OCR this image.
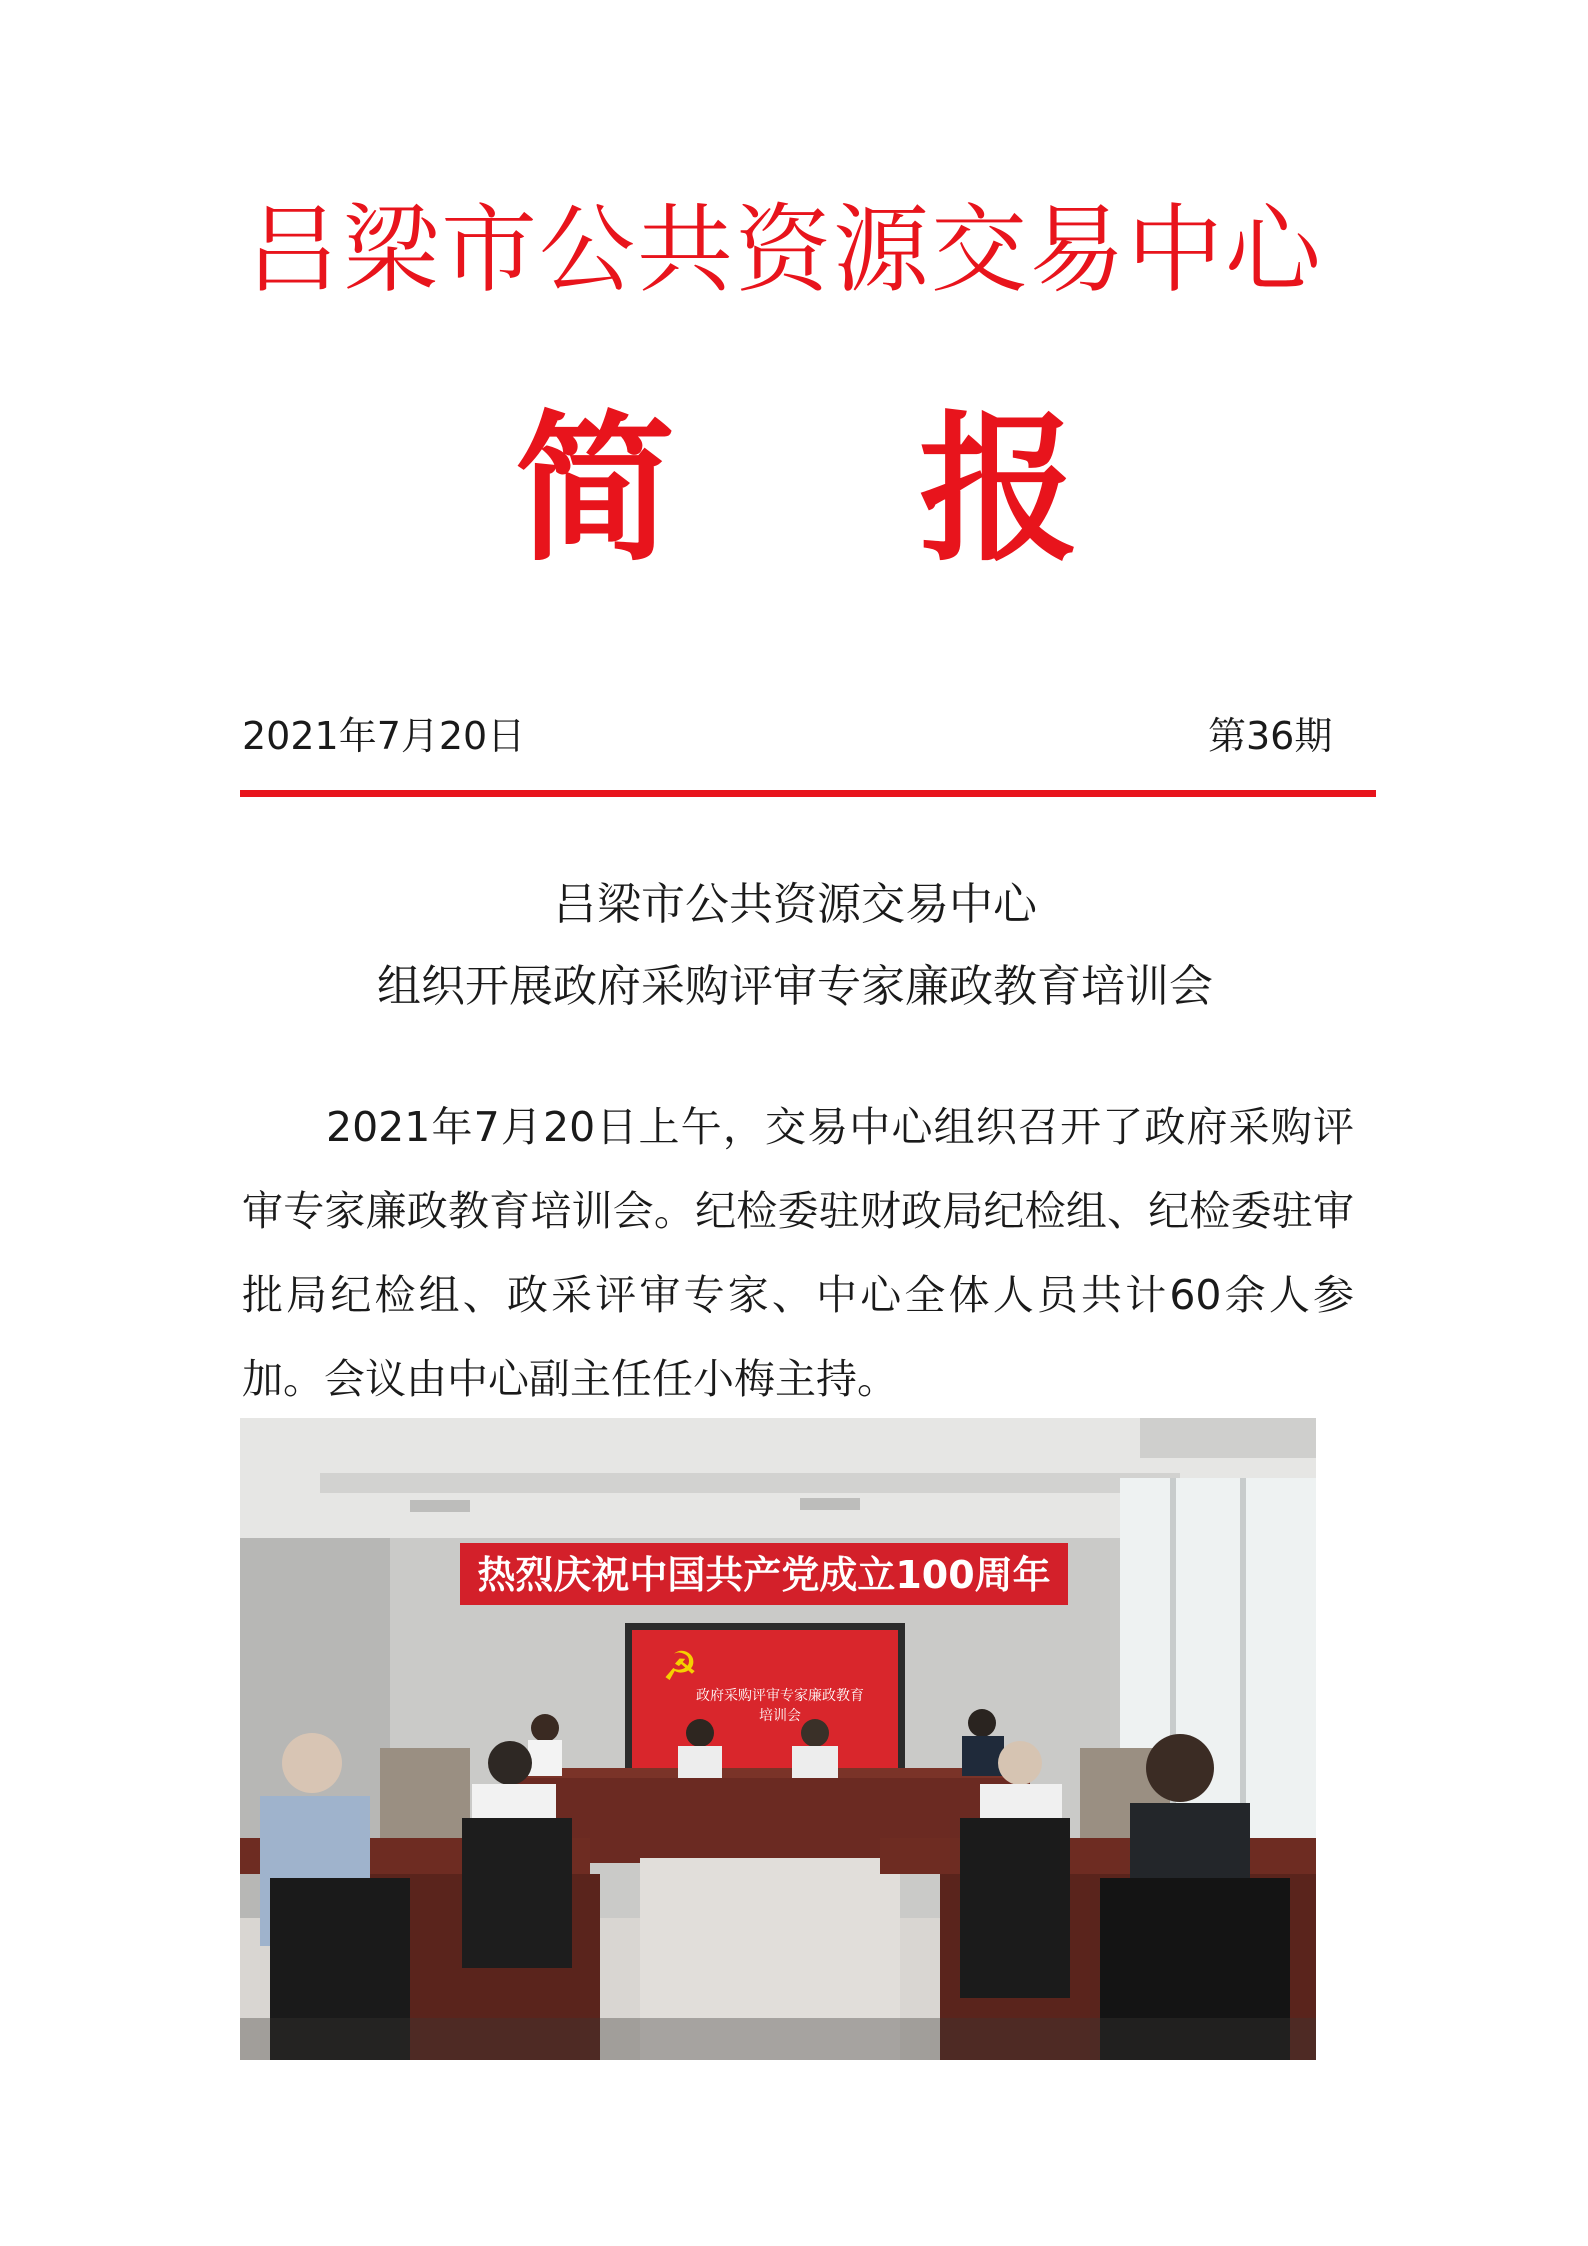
吕梁市公共资源交易中心
简 报
2021年7月20日	第36期
吕梁市公共资源交易中心
组织开展政府采购评审专家廉政教育培训会

2021年7月20日上午，交易中心组织召开了政府采购评审专家廉政教育培训会。纪检委驻财政局纪检组、纪检委驻审批局纪检组、政采评审专家、中心全体人员共计60余人参加。会议由中心副主任任小梅主持。

热烈庆祝中国共产党成立100周年
☭
政府采购评审专家廉政教育
培训会
